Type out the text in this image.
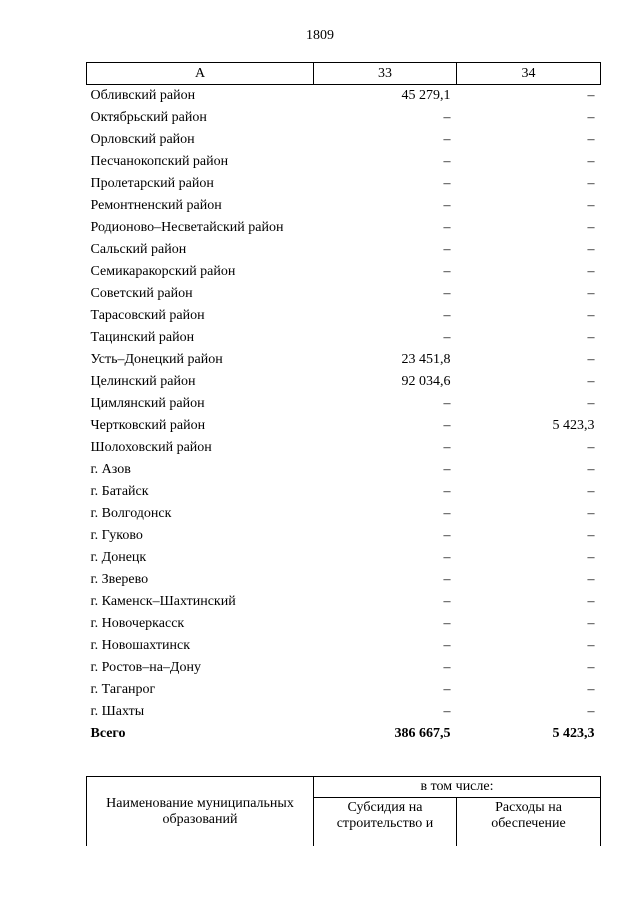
1809
А	33	34
Обливский район	45 279,1	–
Октябрьский район	–	–
Орловский район	–	–
Песчанокопский район	–	–
Пролетарский район	–	–
Ремонтненский район	–	–
Родионово–Несветайский район	–	–
Сальский район	–	–
Семикаракорский район	–	–
Советский район	–	–
Тарасовский район	–	–
Тацинский район	–	–
Усть–Донецкий район	23 451,8	–
Целинский район	92 034,6	–
Цимлянский район	–	–
Чертковский район	–	5 423,3
Шолоховский район	–	–
г. Азов	–	–
г. Батайск	–	–
г. Волгодонск	–	–
г. Гуково	–	–
г. Донецк	–	–
г. Зверево	–	–
г. Каменск–Шахтинский	–	–
г. Новочеркасск	–	–
г. Новошахтинск	–	–
г. Ростов–на–Дону	–	–
г. Таганрог	–	–
г. Шахты	–	–
Всего	386 667,5	5 423,3
Наименование муниципальных образований	в том числе:	
	Субсидия на строительство и	Расходы на обеспечение
